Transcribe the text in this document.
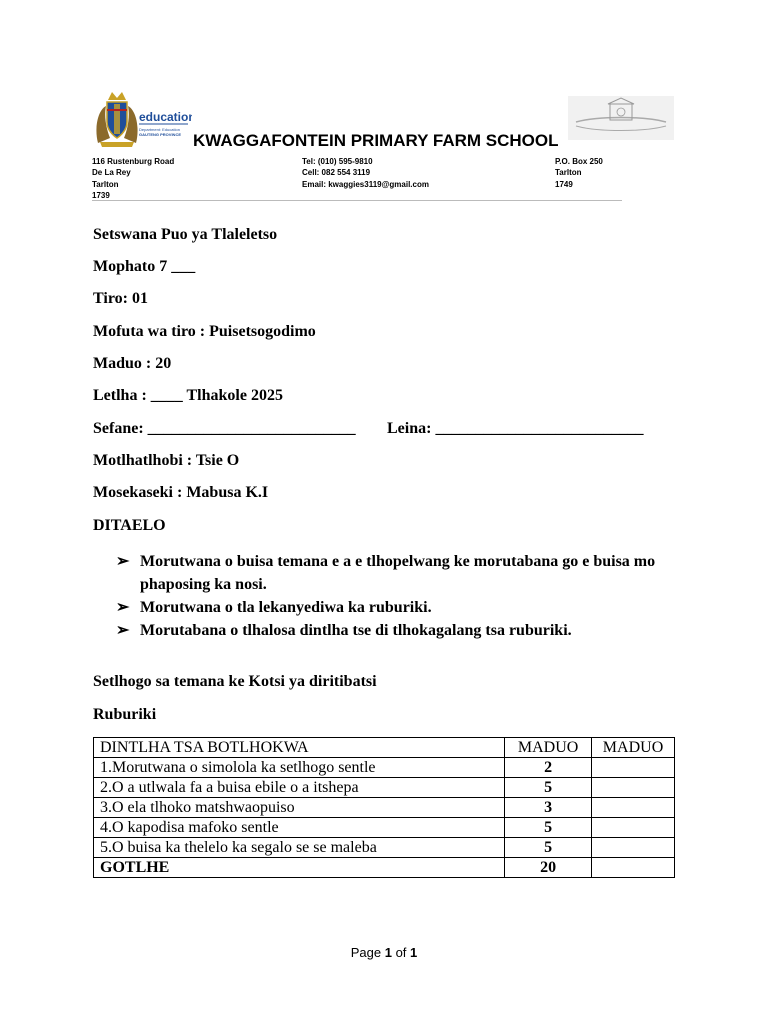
education
Department: Education
GAUTENG PROVINCE KWAGGAFONTEIN PRIMARY FARM SCHOOL
116 Rustenburg Road
De La Rey
Tarlton
1739
Tel: (010) 595-9810
Cell: 082 554 3119
Email: kwaggies3119@gmail.com
P.O. Box 250
Tarlton
1749
Setswana Puo ya Tlaleletso
Mophato 7 ___
Tiro: 01
Mofuta wa tiro : Puisetsogodimo
Maduo : 20
Letlha : ____ Tlhakole 2025
Sefane: __________________________ Leina: __________________________
Motlhatlhobi : Tsie O
Mosekaseki : Mabusa K.I
DITAELO
➢ Morutwana o buisa temana e a e tlhopelwang ke morutabana go e buisa mo phaposing ka nosi.
➢ Morutwana o tla lekanyediwa ka ruburiki.
➢ Morutabana o tlhalosa dintlha tse di tlhokagalang tsa ruburiki.
Setlhogo sa temana ke Kotsi ya diritibatsi
Ruburiki
DINTLHA TSA BOTLHOKWA	MADUO	MADUO
1.Morutwana o simolola ka setlhogo sentle	2	
2.O a utlwala fa a buisa ebile o a itshepa	5	
3.O ela tlhoko matshwaopuiso	3	
4.O kapodisa mafoko sentle	5	
5.O buisa ka thelelo ka segalo se se maleba	5	
GOTLHE	20	
Page 1 of 1
